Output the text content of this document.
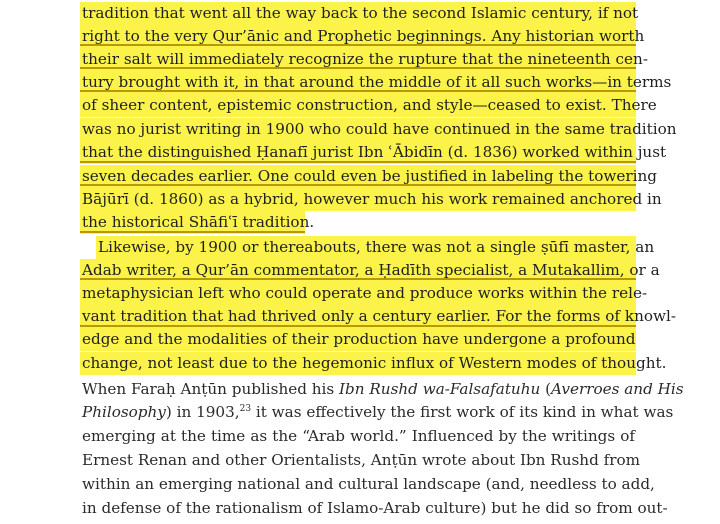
tradition that went all the way back to the second Islamic century, if not
right to the very Qur’ānic and Prophetic beginnings. Any historian worth
their salt will immediately recognize the rupture that the nineteenth cen-
tury brought with it, in that around the middle of it all such works—in terms
of sheer content, epistemic construction, and style—ceased to exist. There
was no jurist writing in 1900 who could have continued in the same tradition
that the distinguished Ḥanafī jurist Ibn ʿĀbidīn (d. 1836) worked within just
seven decades earlier. One could even be justified in labeling the towering
Bājūrī (d. 1860) as a hybrid, however much his work remained anchored in
the historical Shāfiʿī tradition.
Likewise, by 1900 or thereabouts, there was not a single ṣūfī master, an
Adab writer, a Qur’ān commentator, a Ḥadīth specialist, a Mutakallim, or a
metaphysician left who could operate and produce works within the rele-
vant tradition that had thrived only a century earlier. For the forms of knowl-
edge and the modalities of their production have undergone a profound
change, not least due to the hegemonic influx of Western modes of thought.
When Faraḥ Anṭūn published his Ibn Rushd wa-Falsafatuhu (Averroes and His
Philosophy) in 1903,23 it was effectively the first work of its kind in what was
emerging at the time as the “Arab world.” Influenced by the writings of
Ernest Renan and other Orientalists, Anṭūn wrote about Ibn Rushd from
within an emerging national and cultural landscape (and, needless to add,
in defense of the rationalism of Islamo-Arab culture) but he did so from out-
